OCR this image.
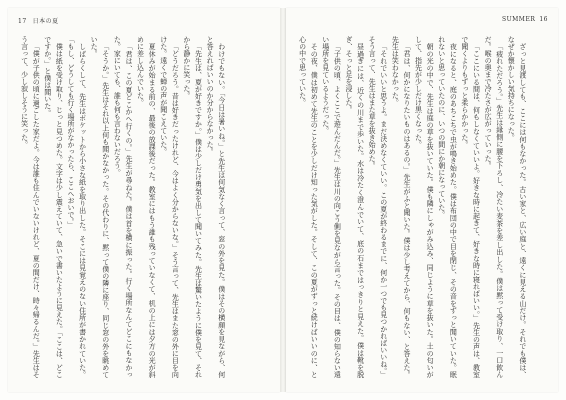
17 日本の夏

わけでもない。「今日は暑いね。」と先生は何気なく言って、窓の外を見た。僕はその横顔を見ながら、何と答えればいいのか分からなかった。

「先生は、夏が好きですか。」僕は少しだけ勇気を出して聞いてみた。先生は驚いたように僕を見て、それから静かに笑った。

「どうだろう。昔は好きだったけれど、今はよく分からないな。」そう言って、先生はまた窓の外に目を向けた。遠くで蝉の声が聞こえていた。

夏休みが始まる前の、最後の放課後だった。教室にはもう誰も残っていなくて、机の上には夕方の光が斜めに差し込んでいた。

「君は、この夏どこかへ行くの。」先生が尋ねた。僕は首を横に振った。行く場所なんてどこにもなかった。家にいても、誰も何も言わないだろう。

「そうか。」先生はそれ以上何も聞かなかった。その代わりに、黙って僕の隣に座り、同じ窓の外を眺めていた。

しばらくして、先生はポケットから小さな紙を取り出した。そこには見覚えのない住所が書かれていた。「もし、どうしても行く場所がなかったら、ここへおいで。」

僕は紙を受け取り、じっと見つめた。文字は少し震えていて、急いで書いたように見えた。「ここは、どこですか。」と僕は聞いた。

「僕が子供の頃に過ごした家だよ。今は誰も住んでいないけれど、夏の間だけ、時々帰るんだ。」先生はそう言って、少し寂しそうに笑った。

SUMMER 16

ざっと見渡しても、ここには何もなかった。古い家と、広い庭と、遠くに見える山だけ。それでも僕は、なぜか懐かしい気持ちになった。

「疲れただろう。」先生は縁側に腰を下ろし、冷たい麦茶を差し出した。僕は黙って受け取り、一口飲んだ。喉の奥まで冷たさが広がっていった。

「ここにいる間は、何もしなくていいよ。好きな時に起きて、好きな時に寝ればいい。」先生の声は、教室で聞くよりもずっと柔らかかった。

夜になると、庭のあちこちで虫が鳴き始めた。僕は布団の中で目を閉じ、その音をずっと聞いていた。眠れないと思っていたのに、いつの間にか朝になっていた。

朝の光の中で、先生は庭の草を抜いていた。僕も隣にしゃがみ込み、同じように草を抜いた。土の匂いがして、指先が少しだけ黒くなった。

「君は、何かになりたいものはあるの。」先生がふと聞いた。僕は少し考えてから、何もない、と答えた。先生は笑わなかった。

「それでいいと思うよ。まだ決めなくていい。この夏が終わるまでに、何か一つでも見つかればいいね。」そう言って、先生はまた草を抜き始めた。

昼過ぎには、近くの川まで歩いた。水は冷たく澄んでいて、底の石まではっきりと見えた。僕は靴を脱ぎ、そっと足を浸した。

「子供の頃、よくここで遊んだんだ。」先生は川の向こう側を見ながら言った。その目は、僕の知らない遠い場所を見ているようだった。

その夜、僕は初めて先生のことを少しだけ知った気がした。そして、この夏がずっと続けばいいのに、と心の中で思っていた。
